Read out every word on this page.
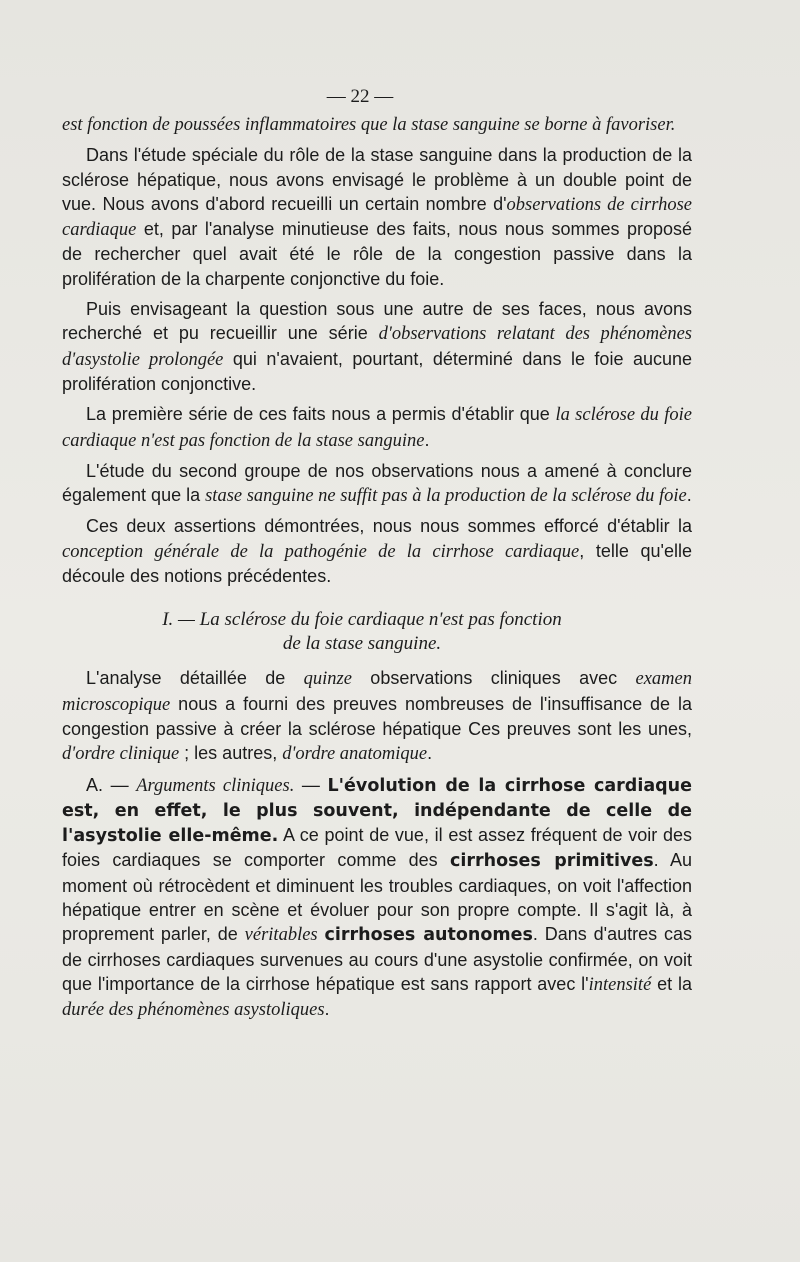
— 22 —

est fonction de poussées inflammatoires que la stase sanguine se borne à favoriser.

Dans l'étude spéciale du rôle de la stase sanguine dans la production de la sclérose hépatique, nous avons envisagé le problème à un double point de vue. Nous avons d'abord recueilli un certain nombre d'observations de cirrhose cardiaque et, par l'analyse minutieuse des faits, nous nous sommes proposé de rechercher quel avait été le rôle de la congestion passive dans la prolifération de la charpente conjonctive du foie.

Puis envisageant la question sous une autre de ses faces, nous avons recherché et pu recueillir une série d'observations relatant des phénomènes d'asystolie prolongée qui n'avaient, pourtant, déterminé dans le foie aucune prolifération conjonctive.

La première série de ces faits nous a permis d'établir que la sclérose du foie cardiaque n'est pas fonction de la stase sanguine.

L'étude du second groupe de nos observations nous a amené à conclure également que la stase sanguine ne suffit pas à la production de la sclérose du foie.

Ces deux assertions démontrées, nous nous sommes efforcé d'établir la conception générale de la pathogénie de la cirrhose cardiaque, telle qu'elle découle des notions précédentes.

I. — La sclérose du foie cardiaque n'est pas fonction
de la stase sanguine.

L'analyse détaillée de quinze observations cliniques avec examen microscopique nous a fourni des preuves nombreuses de l'insuffisance de la congestion passive à créer la sclérose hépatique Ces preuves sont les unes, d'ordre clinique ; les autres, d'ordre anatomique.

A. — Arguments cliniques. — L'évolution de la cirrhose cardiaque est, en effet, le plus souvent, indépendante de celle de l'asystolie elle-même. A ce point de vue, il est assez fréquent de voir des foies cardiaques se comporter comme des cirrhoses primitives. Au moment où rétrocèdent et diminuent les troubles cardiaques, on voit l'affection hépatique entrer en scène et évoluer pour son propre compte. Il s'agit là, à proprement parler, de véritables cirrhoses autonomes. Dans d'autres cas de cirrhoses cardiaques survenues au cours d'une asystolie confirmée, on voit que l'importance de la cirrhose hépatique est sans rapport avec l'intensité et la durée des phénomènes asystoliques.
